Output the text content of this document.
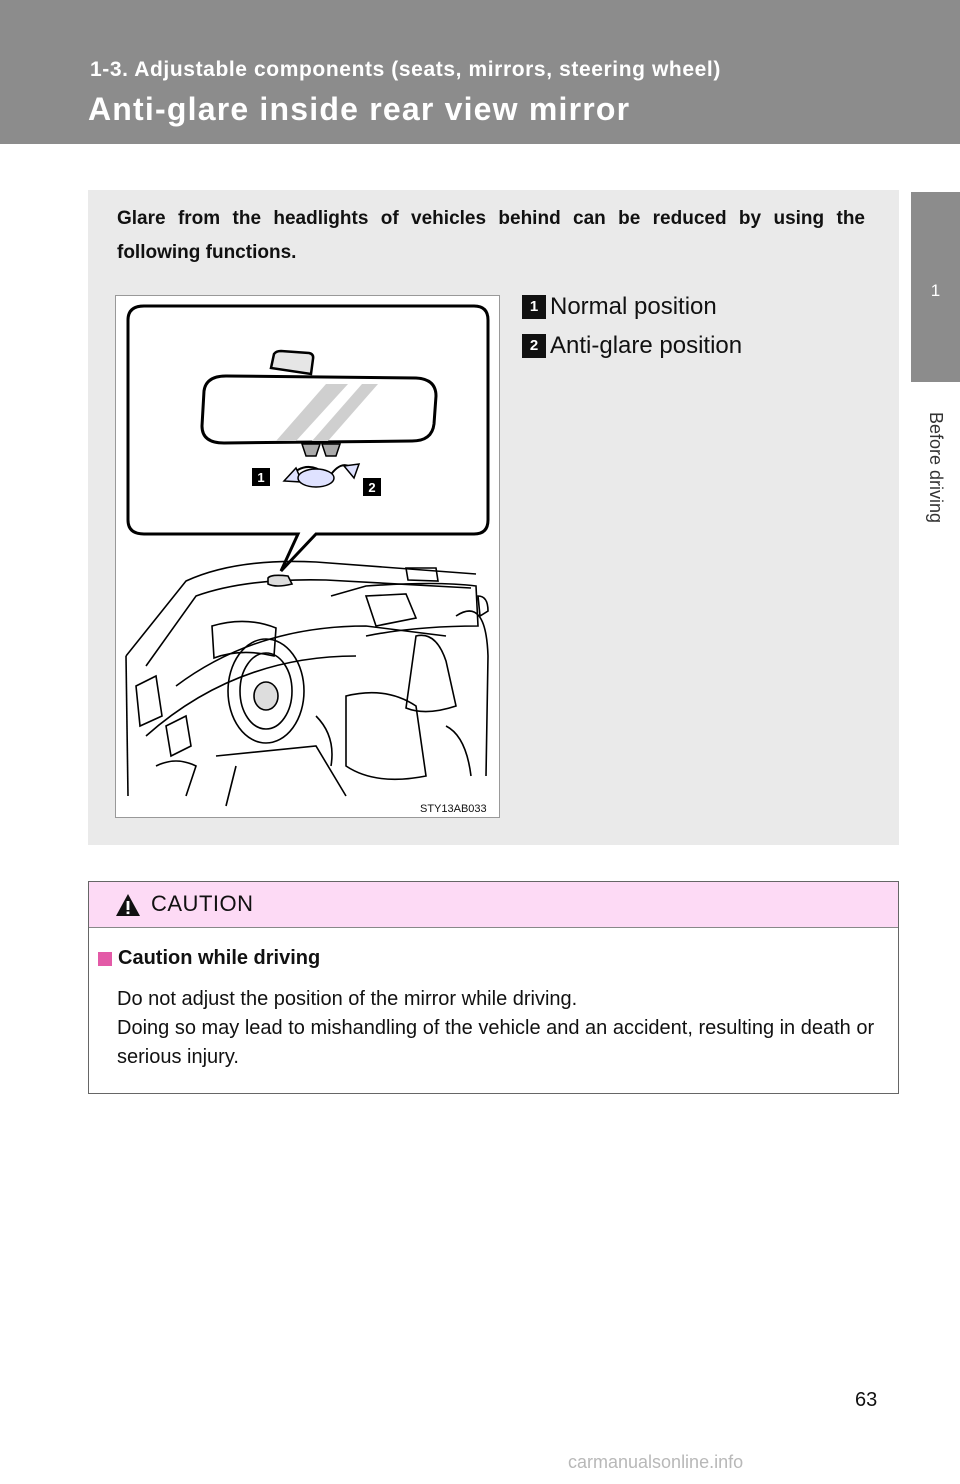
1-3. Adjustable components (seats, mirrors, steering wheel)
Anti-glare inside rear view mirror
1
Before driving

Glare from the headlights of vehicles behind can be reduced by using the following functions.

1
2
STY13AB033
1 Normal position
2 Anti-glare position
CAUTION
Caution while driving

Do not adjust the position of the mirror while driving.

Doing so may lead to mishandling of the vehicle and an accident, resulting in death or serious injury.

63
carmanualsonline.info
